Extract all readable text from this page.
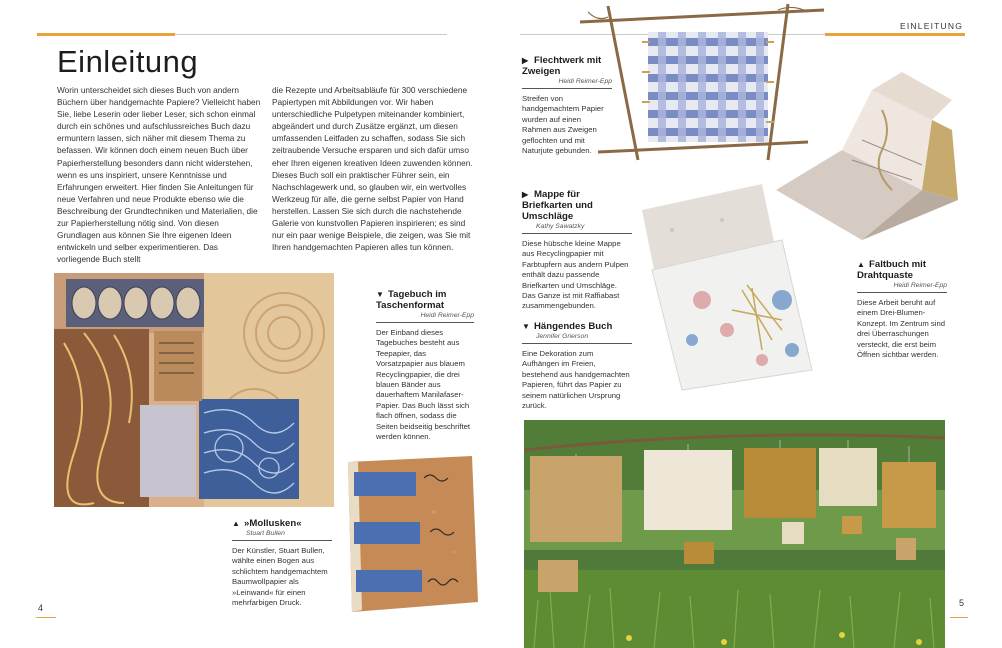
Einleitung
Worin unterscheidet sich dieses Buch von andern Büchern über handgemachte Papiere? Vielleicht haben Sie, liebe Leserin oder lieber Leser, sich schon einmal durch ein schönes und aufschlussreiches Buch dazu ermuntern lassen, sich näher mit diesem Thema zu befassen. Wir können doch einem neuen Buch über Papierherstellung besonders dann nicht widerstehen, wenn es uns inspiriert, unsere Kenntnisse und Erfahrungen erweitert. Hier finden Sie Anleitungen für neue Verfahren und neue Produkte ebenso wie die Beschreibung der Grundtechniken und Materialien, die zur Papierherstellung nötig sind. Von diesen Grundlagen aus können Sie Ihre eigenen Ideen entwickeln und selber experimentieren. Das vorliegende Buch stellt
die Rezepte und Arbeitsabläufe für 300 verschiedene Papiertypen mit Abbildungen vor. Wir haben unterschiedliche Pulpetypen miteinander kombiniert, abgeändert und durch Zusätze ergänzt, um diesen umfassenden Leitfaden zu schaffen, sodass Sie sich zeitraubende Versuche ersparen und sich dafür umso eher Ihren eigenen kreativen Ideen zuwenden können. Dieses Buch soll ein praktischer Führer sein, ein Nachschlagewerk und, so glauben wir, ein wertvolles Werkzeug für alle, die gerne selbst Papier von Hand herstellen. Lassen Sie sich durch die nachstehende Galerie von kunstvollen Papieren inspirieren; es sind nur ein paar wenige Beispiele, die zeigen, was Sie mit Ihren handgemachten Papieren alles tun können.
▼ Tagebuch im Taschenformat
Heidi Reimer-Epp
Der Einband dieses Tagebuches besteht aus Teepapier, das Vorsatzpapier aus blauem Recyclingpapier, die drei blauen Bänder aus dauerhaftem Manilafaser-Papier. Das Buch lässt sich flach öffnen, sodass die Seiten beidseitig beschriftet werden können.
▲ »Mollusken«
Stuart Bullen
Der Künstler, Stuart Bullen, wählte einen Bogen aus schlichtem handgemachtem Baumwollpapier als »Leinwand« für einen mehrfarbigen Druck.
4
EINLEITUNG
▶ Flechtwerk mit Zweigen
Heidi Reimer-Epp
Streifen von handgemachtem Papier wurden auf einen Rahmen aus Zweigen geflochten und mit Naturjute gebunden.
▶ Mappe für Briefkarten und Umschläge
Kathy Sawatzky
Diese hübsche kleine Mappe aus Recyclingpapier mit Farbtupfern aus andern Pulpen enthält dazu passende Briefkarten und Umschläge. Das Ganze ist mit Raffiabast zusammengebunden.
▼ Hängendes Buch
Jennifer Grierson
Eine Dekoration zum Aufhängen im Freien, bestehend aus handgemachten Papieren, führt das Papier zu seinem natürlichen Ursprung zurück.
▲ Faltbuch mit Drahtquaste
Heidi Reimer-Epp
Diese Arbeit beruht auf einem Drei-Blumen-Konzept. Im Zentrum sind drei Überraschungen versteckt, die erst beim Öffnen sichtbar werden.
5
